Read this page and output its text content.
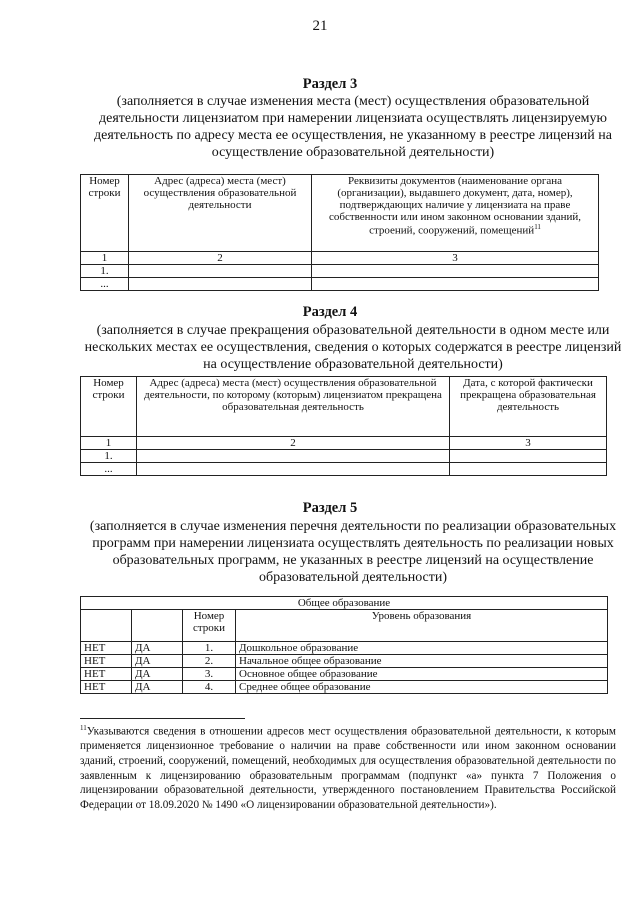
21
Раздел 3
(заполняется в случае изменения места (мест) осуществления образовательной деятельности лицензиатом при намерении лицензиата осуществлять лицензируемую деятельность по адресу места ее осуществления, не указанному в реестре лицензий на осуществление образовательной деятельности)
Номер строки	Адрес (адреса) места (мест) осуществления образовательной деятельности	Реквизиты документов (наименование органа (организации), выдавшего документ, дата, номер), подтверждающих наличие у лицензиата на праве собственности или ином законном основании зданий, строений, сооружений, помещений$^{11}$
1	2	3
1.		
...		
Раздел 4
(заполняется в случае прекращения образовательной деятельности в одном месте или нескольких местах ее осуществления, сведения о которых содержатся в реестре лицензий на осуществление образовательной деятельности)
Номер строки	Адрес (адреса) места (мест) осуществления образовательной деятельности, по которому (которым) лицензиатом прекращена образовательная деятельность	Дата, с которой фактически прекращена образовательная деятельность
1	2	3
1.		
...		
Раздел 5
(заполняется в случае изменения перечня деятельности по реализации образовательных программ при намерении лицензиата осуществлять деятельность по реализации новых образовательных программ, не указанных в реестре лицензий на осуществление образовательной деятельности)
Общее образование			
		Номер строки	Уровень образования
НЕТ	ДА	1.	Дошкольное образование
НЕТ	ДА	2.	Начальное общее образование
НЕТ	ДА	3.	Основное общее образование
НЕТ	ДА	4.	Среднее общее образование
$^{11}$Указываются сведения в отношении адресов мест осуществления образовательной деятельности, к которым применяется лицензионное требование о наличии на праве собственности или ином законном основании зданий, строений, сооружений, помещений, необходимых для осуществления образовательной деятельности по заявленным к лицензированию образовательным программам (подпункт «а» пункта 7 Положения о лицензировании образовательной деятельности, утвержденного постановлением Правительства Российской Федерации от 18.09.2020 № 1490 «О лицензировании образовательной деятельности»).
